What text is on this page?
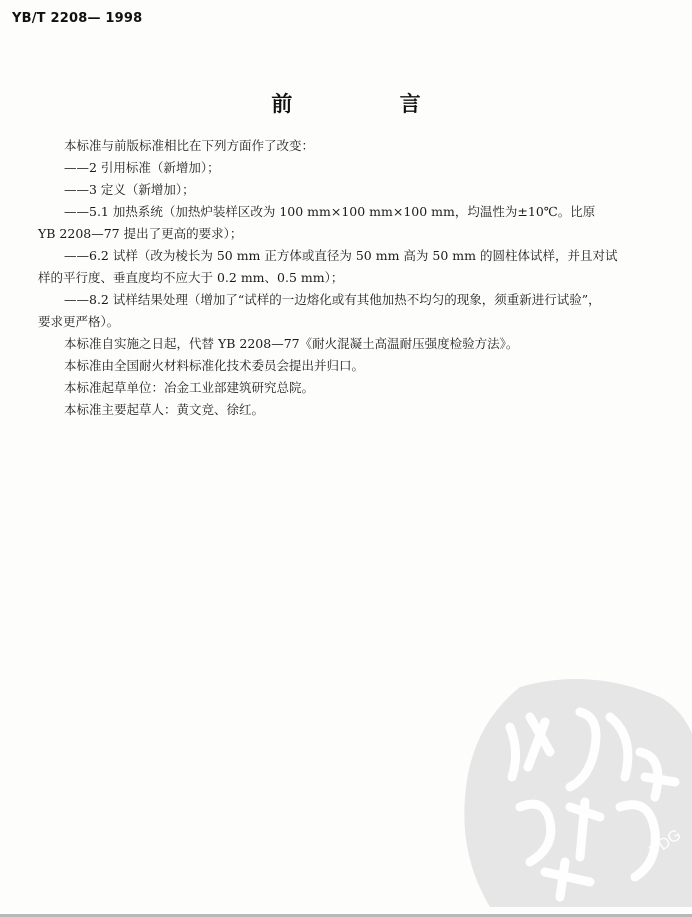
YB/T 2208— 1998
前 言

本标准与前版标准相比在下列方面作了改变：

——2 引用标准（新增加）；

——3 定义（新增加）；

——5.1 加热系统（加热炉装样区改为 100 mm×100 mm×100 mm，均温性为±10℃。比原

YB 2208—77 提出了更高的要求）；

——6.2 试样（改为棱长为 50 mm 正方体或直径为 50 mm 高为 50 mm 的圆柱体试样，并且对试

样的平行度、垂直度均不应大于 0.2 mm、0.5 mm）；

——8.2 试样结果处理（增加了“试样的一边熔化或有其他加热不均匀的现象，须重新进行试验”，

要求更严格）。

本标准自实施之日起，代替 YB 2208—77《耐火混凝土高温耐压强度检验方法》。

本标准由全国耐火材料标准化技术委员会提出并归口。

本标准起草单位：冶金工业部建筑研究总院。

本标准主要起草人：黄文竞、徐红。

PDG
